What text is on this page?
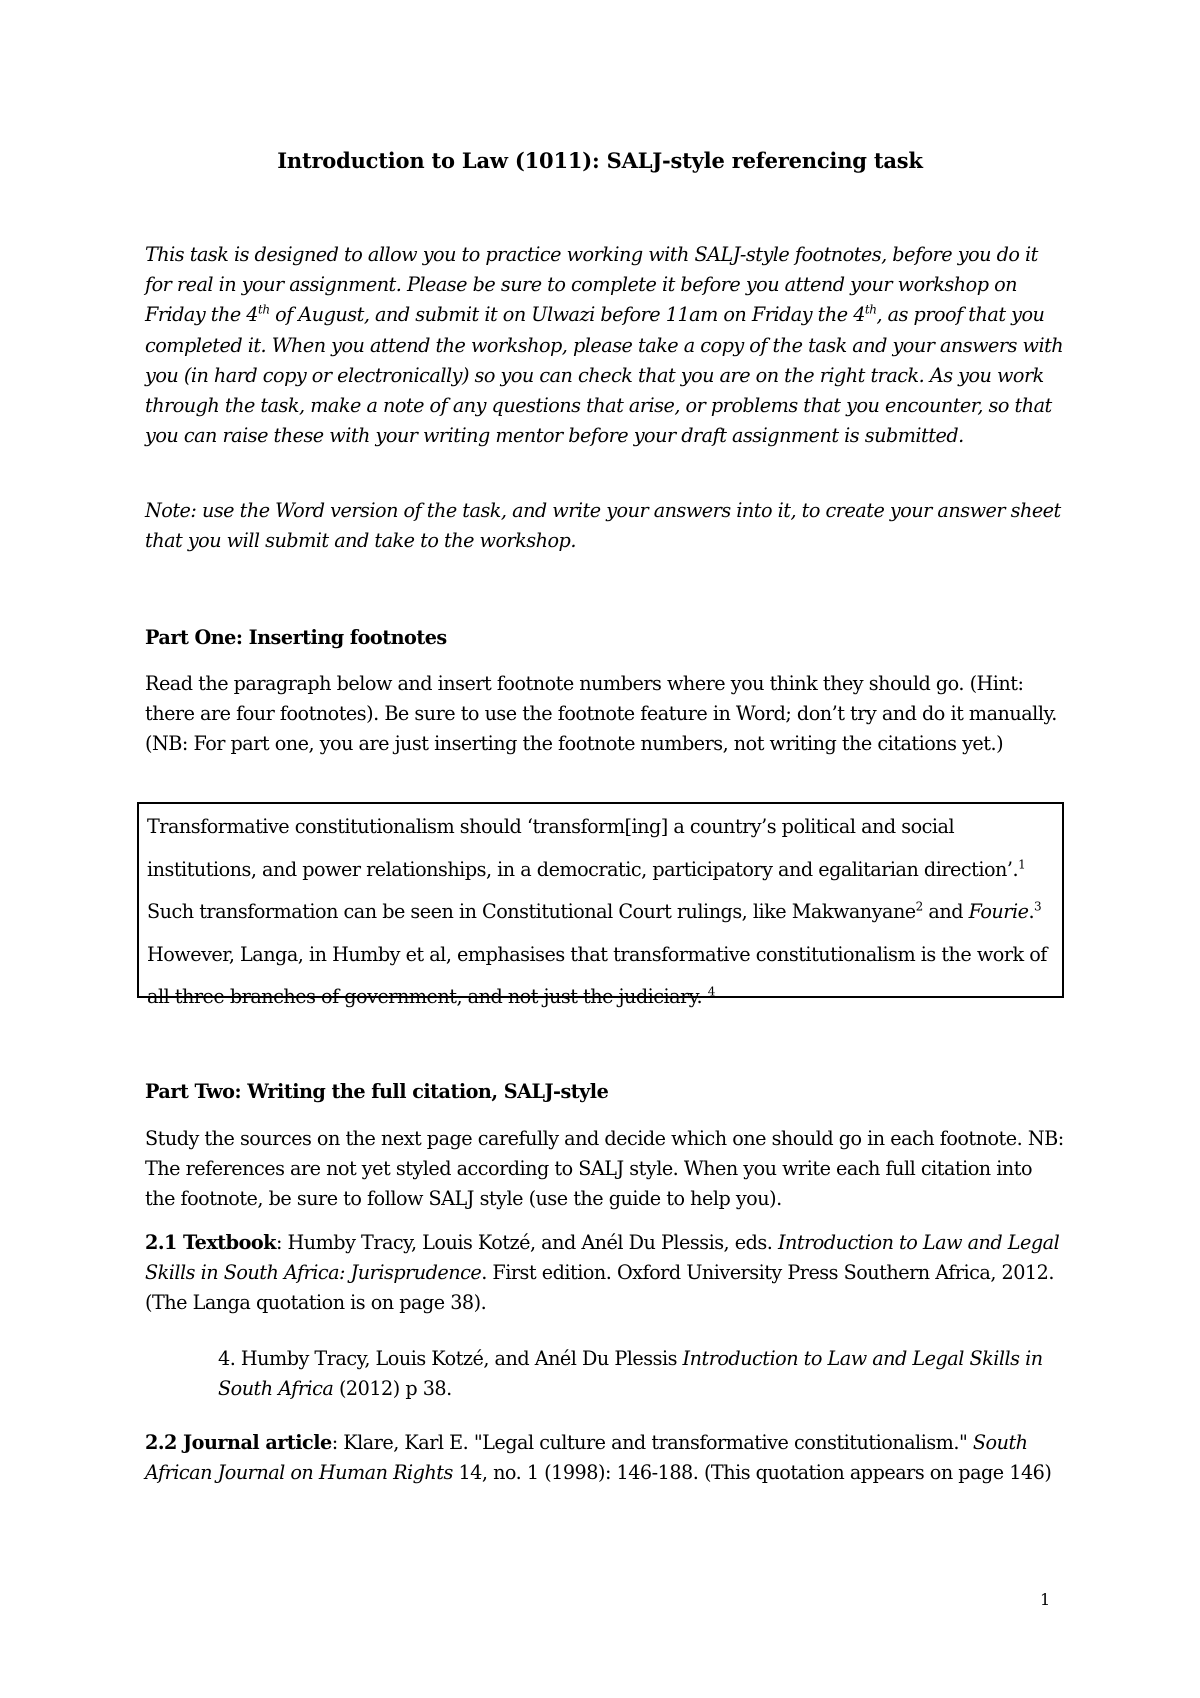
Introduction to Law (1011): SALJ-style referencing task
This task is designed to allow you to practice working with SALJ-style footnotes, before you do it for real in your assignment. Please be sure to complete it before you attend your workshop on Friday the 4th of August, and submit it on Ulwazi before 11am on Friday the 4th, as proof that you completed it. When you attend the workshop, please take a copy of the task and your answers with you (in hard copy or electronically) so you can check that you are on the right track. As you work through the task, make a note of any questions that arise, or problems that you encounter, so that you can raise these with your writing mentor before your draft assignment is submitted.
Note: use the Word version of the task, and write your answers into it, to create your answer sheet that you will submit and take to the workshop.
Part One: Inserting footnotes
Read the paragraph below and insert footnote numbers where you think they should go. (Hint: there are four footnotes). Be sure to use the footnote feature in Word; don’t try and do it manually. (NB: For part one, you are just inserting the footnote numbers, not writing the citations yet.)
Transformative constitutionalism should ‘transform[ing] a country’s political and social institutions, and power relationships, in a democratic, participatory and egalitarian direction’.$^1$ Such transformation can be seen in Constitutional Court rulings, like Makwanyane$^2$ and Fourie.$^3$ However, Langa, in Humby et al, emphasises that transformative constitutionalism is the work of all three branches of government, and not just the judiciary. $^4$
Part Two: Writing the full citation, SALJ-style
Study the sources on the next page carefully and decide which one should go in each footnote. NB: The references are not yet styled according to SALJ style. When you write each full citation into the footnote, be sure to follow SALJ style (use the guide to help you).
2.1 Textbook: Humby Tracy, Louis Kotzé, and Anél Du Plessis, eds. Introduction to Law and Legal Skills in South Africa: Jurisprudence. First edition. Oxford University Press Southern Africa, 2012. (The Langa quotation is on page 38).
4. Humby Tracy, Louis Kotzé, and Anél Du Plessis Introduction to Law and Legal Skills in South Africa (2012) p 38.
2.2 Journal article: Klare, Karl E. "Legal culture and transformative constitutionalism." South African Journal on Human Rights 14, no. 1 (1998): 146-188. (This quotation appears on page 146)
1
